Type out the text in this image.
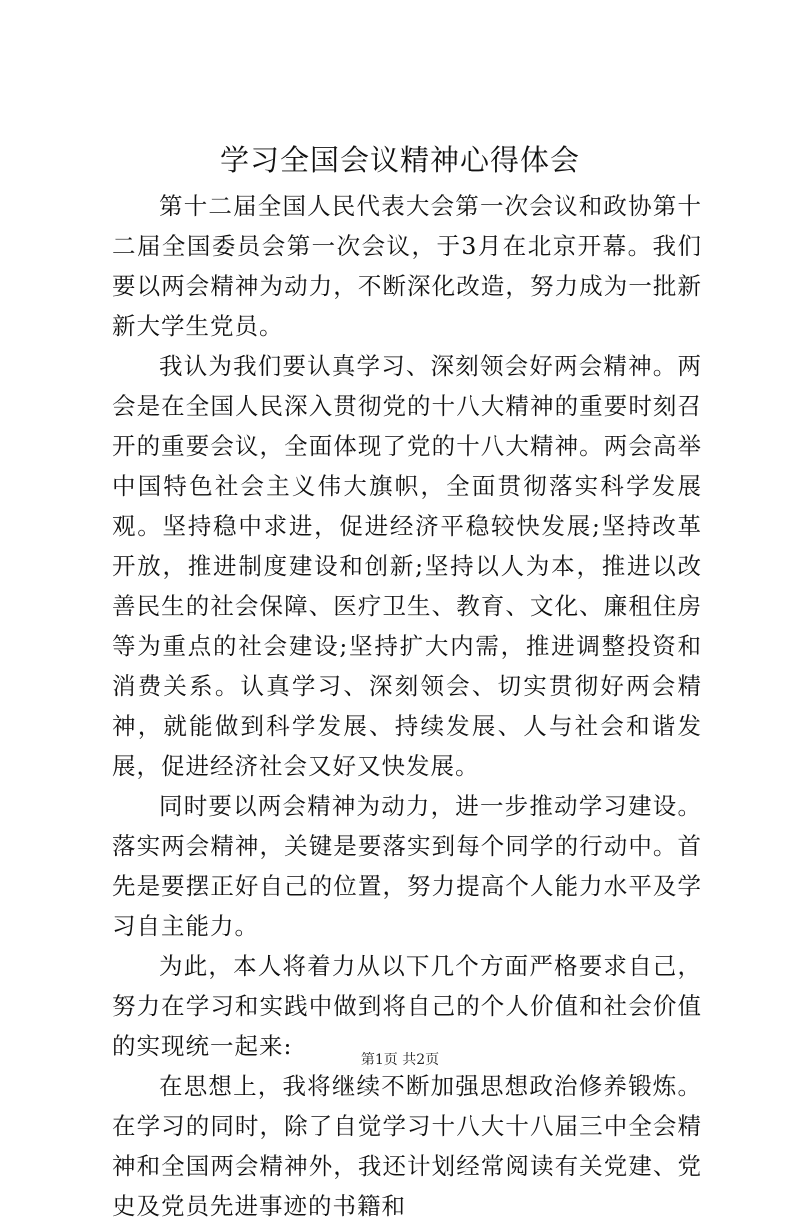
学习全国会议精神心得体会

第十二届全国人民代表大会第一次会议和政协第十二届全国委员会第一次会议，于3月在北京开幕。我们要以两会精神为动力，不断深化改造，努力成为一批新新大学生党员。

我认为我们要认真学习、深刻领会好两会精神。两会是在全国人民深入贯彻党的十八大精神的重要时刻召开的重要会议，全面体现了党的十八大精神。两会高举中国特色社会主义伟大旗帜，全面贯彻落实科学发展观。坚持稳中求进，促进经济平稳较快发展;坚持改革开放，推进制度建设和创新;坚持以人为本，推进以改善民生的社会保障、医疗卫生、教育、文化、廉租住房等为重点的社会建设;坚持扩大内需，推进调整投资和消费关系。认真学习、深刻领会、切实贯彻好两会精神，就能做到科学发展、持续发展、人与社会和谐发展，促进经济社会又好又快发展。

同时要以两会精神为动力，进一步推动学习建设。落实两会精神，关键是要落实到每个同学的行动中。首先是要摆正好自己的位置，努力提高个人能力水平及学习自主能力。

为此，本人将着力从以下几个方面严格要求自己，努力在学习和实践中做到将自己的个人价值和社会价值的实现统一起来:

在思想上，我将继续不断加强思想政治修养锻炼。在学习的同时，除了自觉学习十八大十八届三中全会精神和全国两会精神外，我还计划经常阅读有关党建、党史及党员先进事迹的书籍和

第1页 共2页
